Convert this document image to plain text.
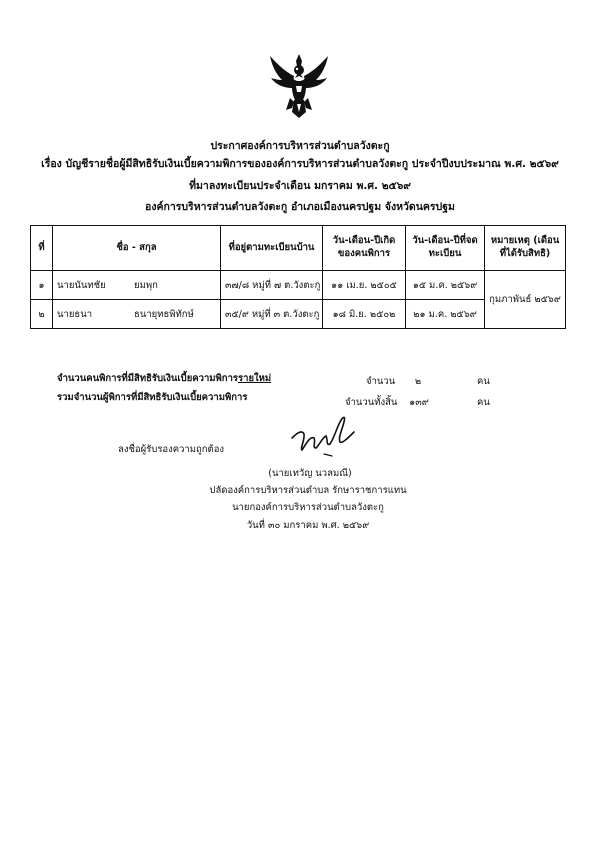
ประกาศองค์การบริหารส่วนตำบลวังตะกู
เรื่อง บัญชีรายชื่อผู้มีสิทธิรับเงินเบี้ยความพิการขององค์การบริหารส่วนตำบลวังตะกู ประจำปีงบประมาณ พ.ศ. ๒๕๖๙
ที่มาลงทะเบียนประจำเดือน มกราคม พ.ศ. ๒๕๖๙
องค์การบริหารส่วนตำบลวังตะกู อำเภอเมืองนครปฐม จังหวัดนครปฐม
ที่	ชื่อ - สกุล	ที่อยู่ตามทะเบียนบ้าน	วัน-เดือน-ปีเกิด ของคนพิการ	วัน-เดือน-ปีที่จด ทะเบียน	หมายเหตุ (เดือนที่ได้รับสิทธิ)
๑	นายนันทชัย ยมพุก	๓๗/๘ หมู่ที่ ๗ ต.วังตะกู	๑๑ เม.ย. ๒๕๐๕	๑๕ ม.ค. ๒๕๖๙	กุมภาพันธ์ ๒๕๖๙
๒	นายธนา ธนายุทธพิทักษ์	๓๕/๙ หมู่ที่ ๓ ต.วังตะกู	๑๘ มิ.ย. ๒๕๐๒	๒๑ ม.ค. ๒๕๖๙	
จำนวนคนพิการที่มีสิทธิรับเงินเบี้ยความพิการรายใหม่
รวมจำนวนผู้พิการที่มีสิทธิรับเงินเบี้ยความพิการ
จำนวน	๒	คน
จำนวนทั้งสิ้น	๑๓๙	คน
ลงชื่อผู้รับรองความถูกต้อง
(นายเทวัญ นวลมณี)
ปลัดองค์การบริหารส่วนตำบล รักษาราชการแทน
นายกองค์การบริหารส่วนตำบลวังตะกู
วันที่ ๓๐ มกราคม พ.ศ. ๒๕๖๙
